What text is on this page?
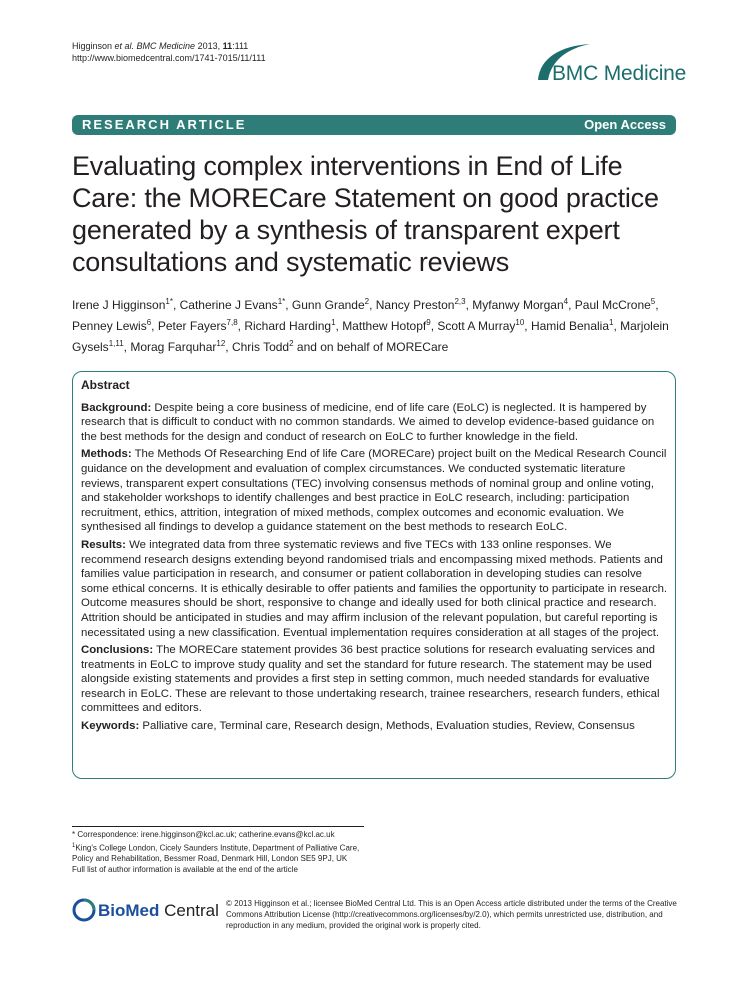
Higginson et al. BMC Medicine 2013, 11:111
http://www.biomedcentral.com/1741-7015/11/111
BMC Medicine
RESEARCH ARTICLE	Open Access
Evaluating complex interventions in End of Life Care: the MORECare Statement on good practice generated by a synthesis of transparent expert consultations and systematic reviews
Irene J Higginson$^{1*}$, Catherine J Evans$^{1*}$, Gunn Grande$^2$, Nancy Preston$^{2,3}$, Myfanwy Morgan$^4$, Paul McCrone$^5$, Penney Lewis$^6$, Peter Fayers$^{7,8}$, Richard Harding$^1$, Matthew Hotopf$^9$, Scott A Murray$^{10}$, Hamid Benalia$^1$, Marjolein Gysels$^{1,11}$, Morag Farquhar$^{12}$, Chris Todd$^2$ and on behalf of MORECare
Abstract

Background: Despite being a core business of medicine, end of life care (EoLC) is neglected. It is hampered by research that is difficult to conduct with no common standards. We aimed to develop evidence-based guidance on the best methods for the design and conduct of research on EoLC to further knowledge in the field.

Methods: The Methods Of Researching End of life Care (MORECare) project built on the Medical Research Council guidance on the development and evaluation of complex circumstances. We conducted systematic literature reviews, transparent expert consultations (TEC) involving consensus methods of nominal group and online voting, and stakeholder workshops to identify challenges and best practice in EoLC research, including: participation recruitment, ethics, attrition, integration of mixed methods, complex outcomes and economic evaluation. We synthesised all findings to develop a guidance statement on the best methods to research EoLC.

Results: We integrated data from three systematic reviews and five TECs with 133 online responses. We recommend research designs extending beyond randomised trials and encompassing mixed methods. Patients and families value participation in research, and consumer or patient collaboration in developing studies can resolve some ethical concerns. It is ethically desirable to offer patients and families the opportunity to participate in research. Outcome measures should be short, responsive to change and ideally used for both clinical practice and research. Attrition should be anticipated in studies and may affirm inclusion of the relevant population, but careful reporting is necessitated using a new classification. Eventual implementation requires consideration at all stages of the project.

Conclusions: The MORECare statement provides 36 best practice solutions for research evaluating services and treatments in EoLC to improve study quality and set the standard for future research. The statement may be used alongside existing statements and provides a first step in setting common, much needed standards for evaluative research in EoLC. These are relevant to those undertaking research, trainee researchers, research funders, ethical committees and editors.

Keywords: Palliative care, Terminal care, Research design, Methods, Evaluation studies, Review, Consensus

* Correspondence: irene.higginson@kcl.ac.uk; catherine.evans@kcl.ac.uk
$^1$King's College London, Cicely Saunders Institute, Department of Palliative Care, Policy and Rehabilitation, Bessmer Road, Denmark Hill, London SE5 9PJ, UK
Full list of author information is available at the end of the article
BioMed Central © 2013 Higginson et al.; licensee BioMed Central Ltd. This is an Open Access article distributed under the terms of the Creative Commons Attribution License (http://creativecommons.org/licenses/by/2.0), which permits unrestricted use, distribution, and reproduction in any medium, provided the original work is properly cited.
